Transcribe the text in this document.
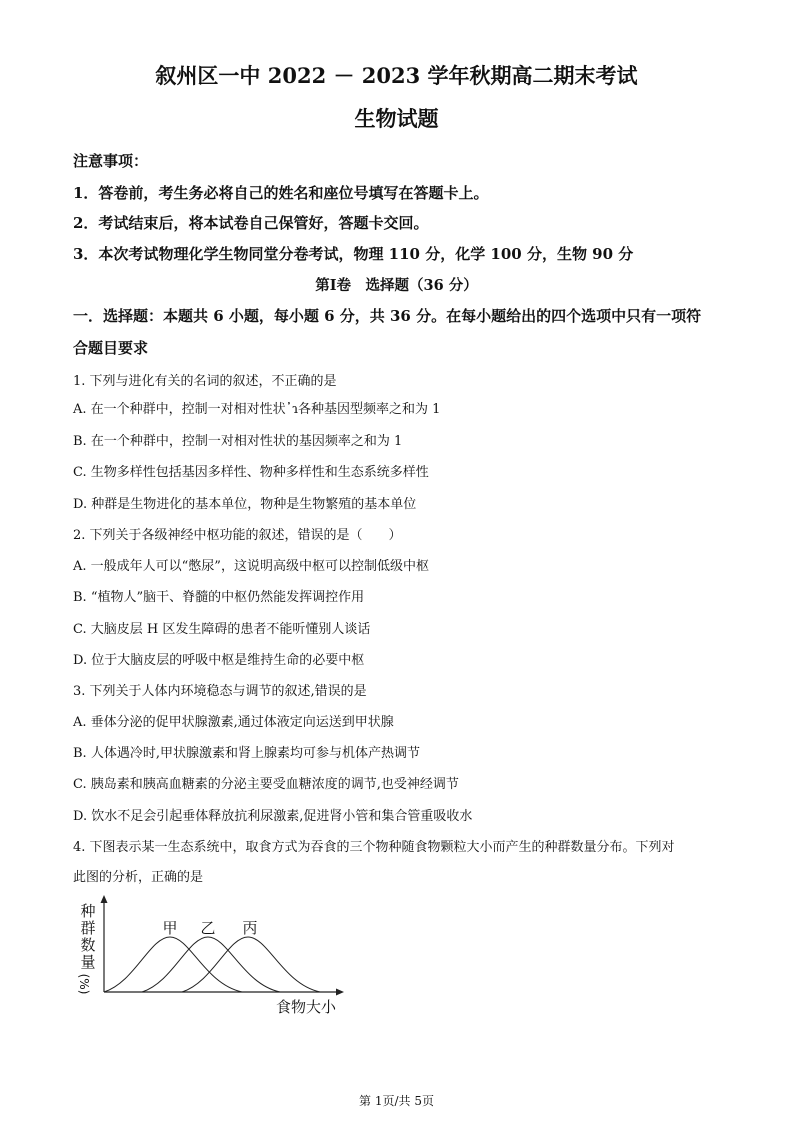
叙州区一中 2022 － 2023 学年秋期高二期末考试
生物试题
注意事项：
1．答卷前，考生务必将自己的姓名和座位号填写在答题卡上。
2．考试结束后，将本试卷自己保管好，答题卡交回。
3．本次考试物理化学生物同堂分卷考试，物理 110 分，化学 100 分，生物 90 分
第Ⅰ卷　选择题（36 分）
一．选择题：本题共 6 小题，每小题 6 分，共 36 分。在每小题给出的四个选项中只有一项符
合题目要求
1. 下列与进化有关的名词的叙述，不正确的是
A. 在一个种群中，控制一对相对性状᾿ɿ各种基因型频率之和为 1
B. 在一个种群中，控制一对相对性状的基因频率之和为 1
C. 生物多样性包括基因多样性、物种多样性和生态系统多样性
D. 种群是生物进化的基本单位，物种是生物繁殖的基本单位
2. 下列关于各级神经中枢功能的叙述，错误的是（　　）
A. 一般成年人可以“憋尿”，这说明高级中枢可以控制低级中枢
B. “植物人”脑干、脊髓的中枢仍然能发挥调控作用
C. 大脑皮层 H 区发生障碍的患者不能听懂别人谈话
D. 位于大脑皮层的呼吸中枢是维持生命的必要中枢
3. 下列关于人体内环境稳态与调节的叙述,错误的是
A. 垂体分泌的促甲状腺激素,通过体液定向运送到甲状腺
B. 人体遇冷时,甲状腺激素和肾上腺素均可参与机体产热调节
C. 胰岛素和胰高血糖素的分泌主要受血糖浓度的调节,也受神经调节
D. 饮水不足会引起垂体释放抗利尿激素,促进肾小管和集合管重吸收水
4. 下图表示某一生态系统中，取食方式为吞食的三个物种随食物颗粒大小而产生的种群数量分布。下列对
此图的分析，正确的是
甲 乙 丙
种
群
数
量
(%)
食物大小
第 1页/共 5页
